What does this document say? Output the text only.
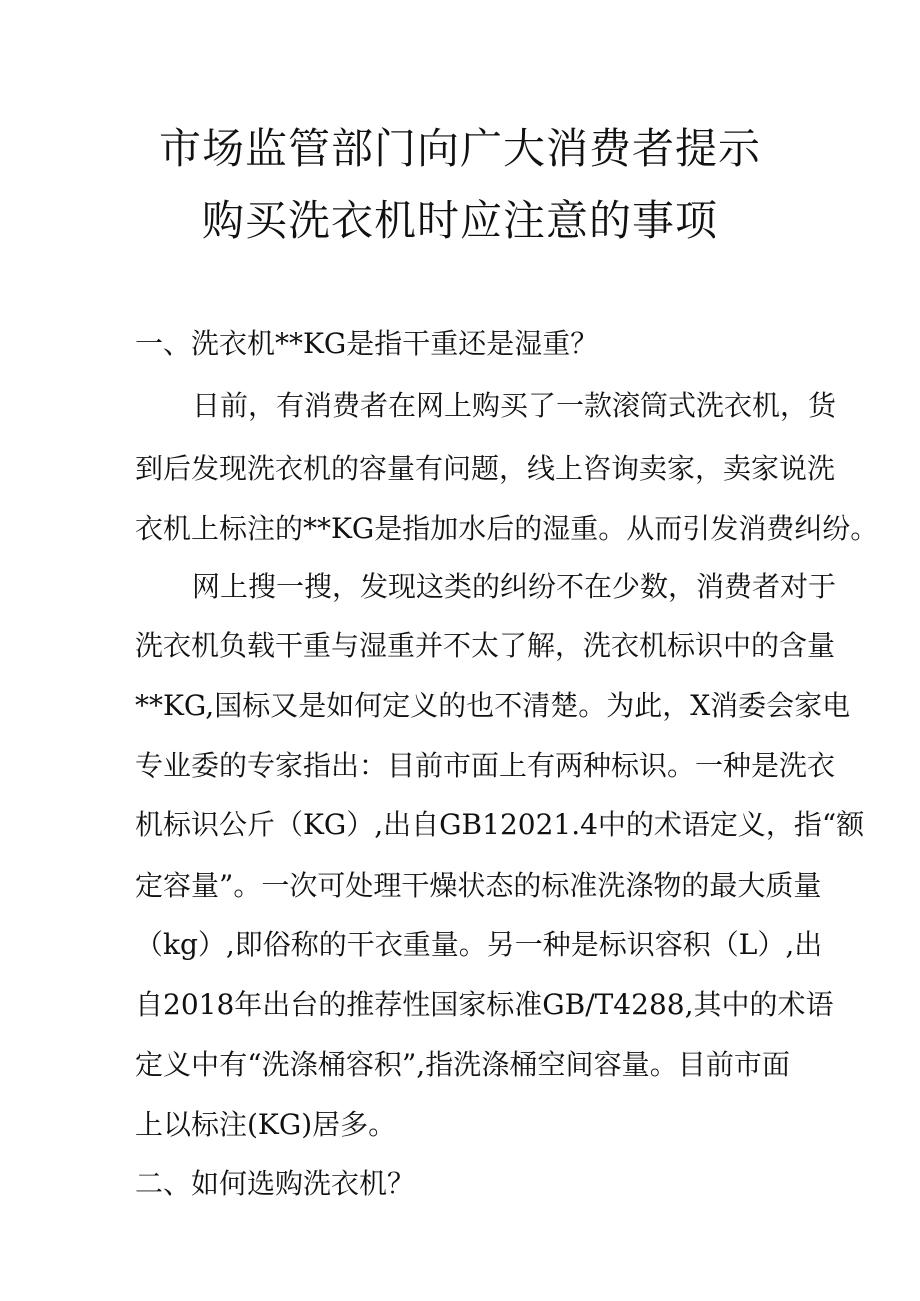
市场监管部门向广大消费者提示
购买洗衣机时应注意的事项
一、洗衣机**KG是指干重还是湿重？
日前，有消费者在网上购买了一款滚筒式洗衣机，货
到后发现洗衣机的容量有问题，线上咨询卖家，卖家说洗
衣机上标注的**KG是指加水后的湿重。从而引发消费纠纷。
网上搜一搜，发现这类的纠纷不在少数，消费者对于
洗衣机负载干重与湿重并不太了解，洗衣机标识中的含量
**KG,国标又是如何定义的也不清楚。为此，X消委会家电
专业委的专家指出：目前市面上有两种标识。一种是洗衣
机标识公斤（KG）,出自GB12021.4中的术语定义，指“额
定容量”。一次可处理干燥状态的标准洗涤物的最大质量
（kg）,即俗称的干衣重量。另一种是标识容积（L）,出
自2018年出台的推荐性国家标准GB/T4288,其中的术语
定义中有“洗涤桶容积”,指洗涤桶空间容量。目前市面
上以标注(KG)居多。
二、如何选购洗衣机？
